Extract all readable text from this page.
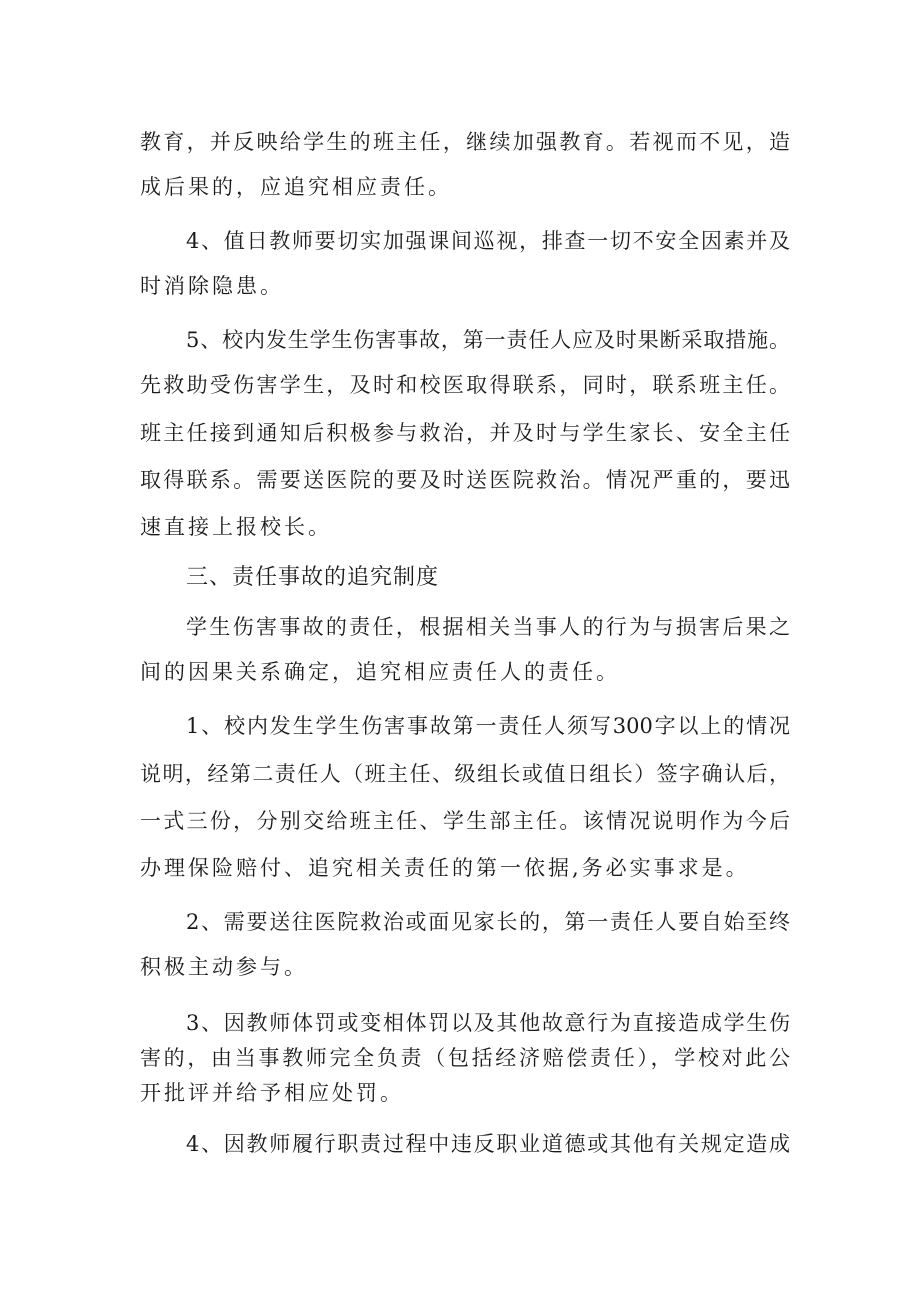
教育，并反映给学生的班主任，继续加强教育。若视而不见，造
成后果的，应追究相应责任。
4、值日教师要切实加强课间巡视，排查一切不安全因素并及
时消除隐患。
5、校内发生学生伤害事故，第一责任人应及时果断采取措施。
先救助受伤害学生，及时和校医取得联系，同时，联系班主任。
班主任接到通知后积极参与救治，并及时与学生家长、安全主任
取得联系。需要送医院的要及时送医院救治。情况严重的，要迅
速直接上报校长。
三、责任事故的追究制度
学生伤害事故的责任，根据相关当事人的行为与损害后果之
间的因果关系确定，追究相应责任人的责任。
1、校内发生学生伤害事故第一责任人须写300字以上的情况
说明，经第二责任人（班主任、级组长或值日组长）签字确认后，
一式三份，分别交给班主任、学生部主任。该情况说明作为今后
办理保险赔付、追究相关责任的第一依据,务必实事求是。
2、需要送往医院救治或面见家长的，第一责任人要自始至终
积极主动参与。
3、因教师体罚或变相体罚以及其他故意行为直接造成学生伤
害的，由当事教师完全负责（包括经济赔偿责任），学校对此公
开批评并给予相应处罚。
4、因教师履行职责过程中违反职业道德或其他有关规定造成
